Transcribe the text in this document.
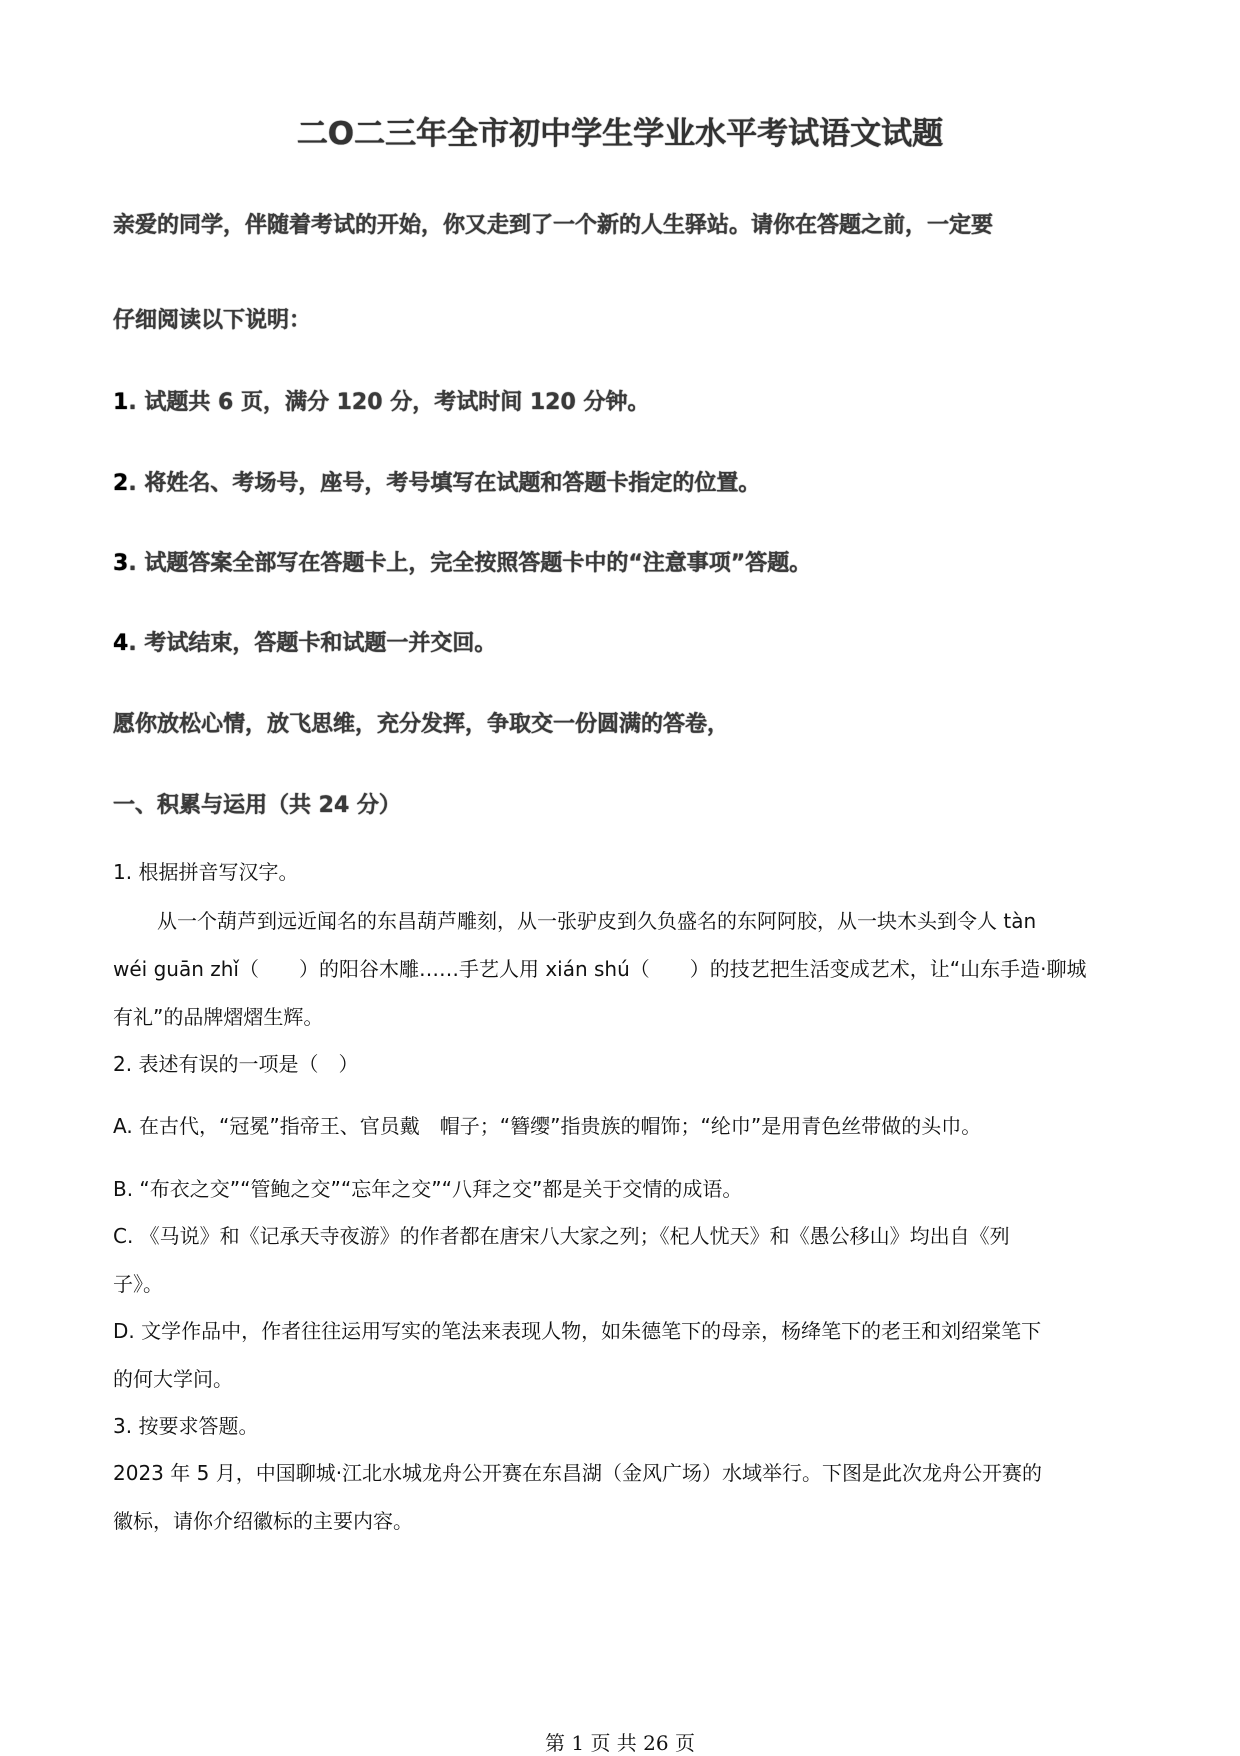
二O二三年全市初中学生学业水平考试语文试题
亲爱的同学，伴随着考试的开始，你又走到了一个新的人生驿站。请你在答题之前，一定要
仔细阅读以下说明：
1. 试题共 6 页，满分 120 分，考试时间 120 分钟。
2. 将姓名、考场号，座号，考号填写在试题和答题卡指定的位置。
3. 试题答案全部写在答题卡上，完全按照答题卡中的“注意事项”答题。
4. 考试结束，答题卡和试题一并交回。
愿你放松心情，放飞思维，充分发挥，争取交一份圆满的答卷，
一、积累与运用（共 24 分）
1. 根据拼音写汉字。
从一个葫芦到远近闻名的东昌葫芦雕刻，从一张驴皮到久负盛名的东阿阿胶，从一块木头到令人 tàn
wéi guān zhǐ（　　）的阳谷木雕……手艺人用 xián shú（　　）的技艺把生活变成艺术，让“山东手造·聊城
有礼”的品牌熠熠生辉。
2. 表述有误的一项是（　）
A. 在古代，“冠冕”指帝王、官员戴　帽子；“簪缨”指贵族的帽饰；“纶巾”是用青色丝带做的头巾。
B. “布衣之交”“管鲍之交”“忘年之交”“八拜之交”都是关于交情的成语。
C. 《马说》和《记承天寺夜游》的作者都在唐宋八大家之列；《杞人忧天》和《愚公移山》均出自《列
子》。
D. 文学作品中，作者往往运用写实的笔法来表现人物，如朱德笔下的母亲，杨绛笔下的老王和刘绍棠笔下
的何大学问。
3. 按要求答题。
2023 年 5 月，中国聊城·江北水城龙舟公开赛在东昌湖（金风广场）水域举行。下图是此次龙舟公开赛的
徽标，请你介绍徽标的主要内容。
第 1 页 共 26 页
